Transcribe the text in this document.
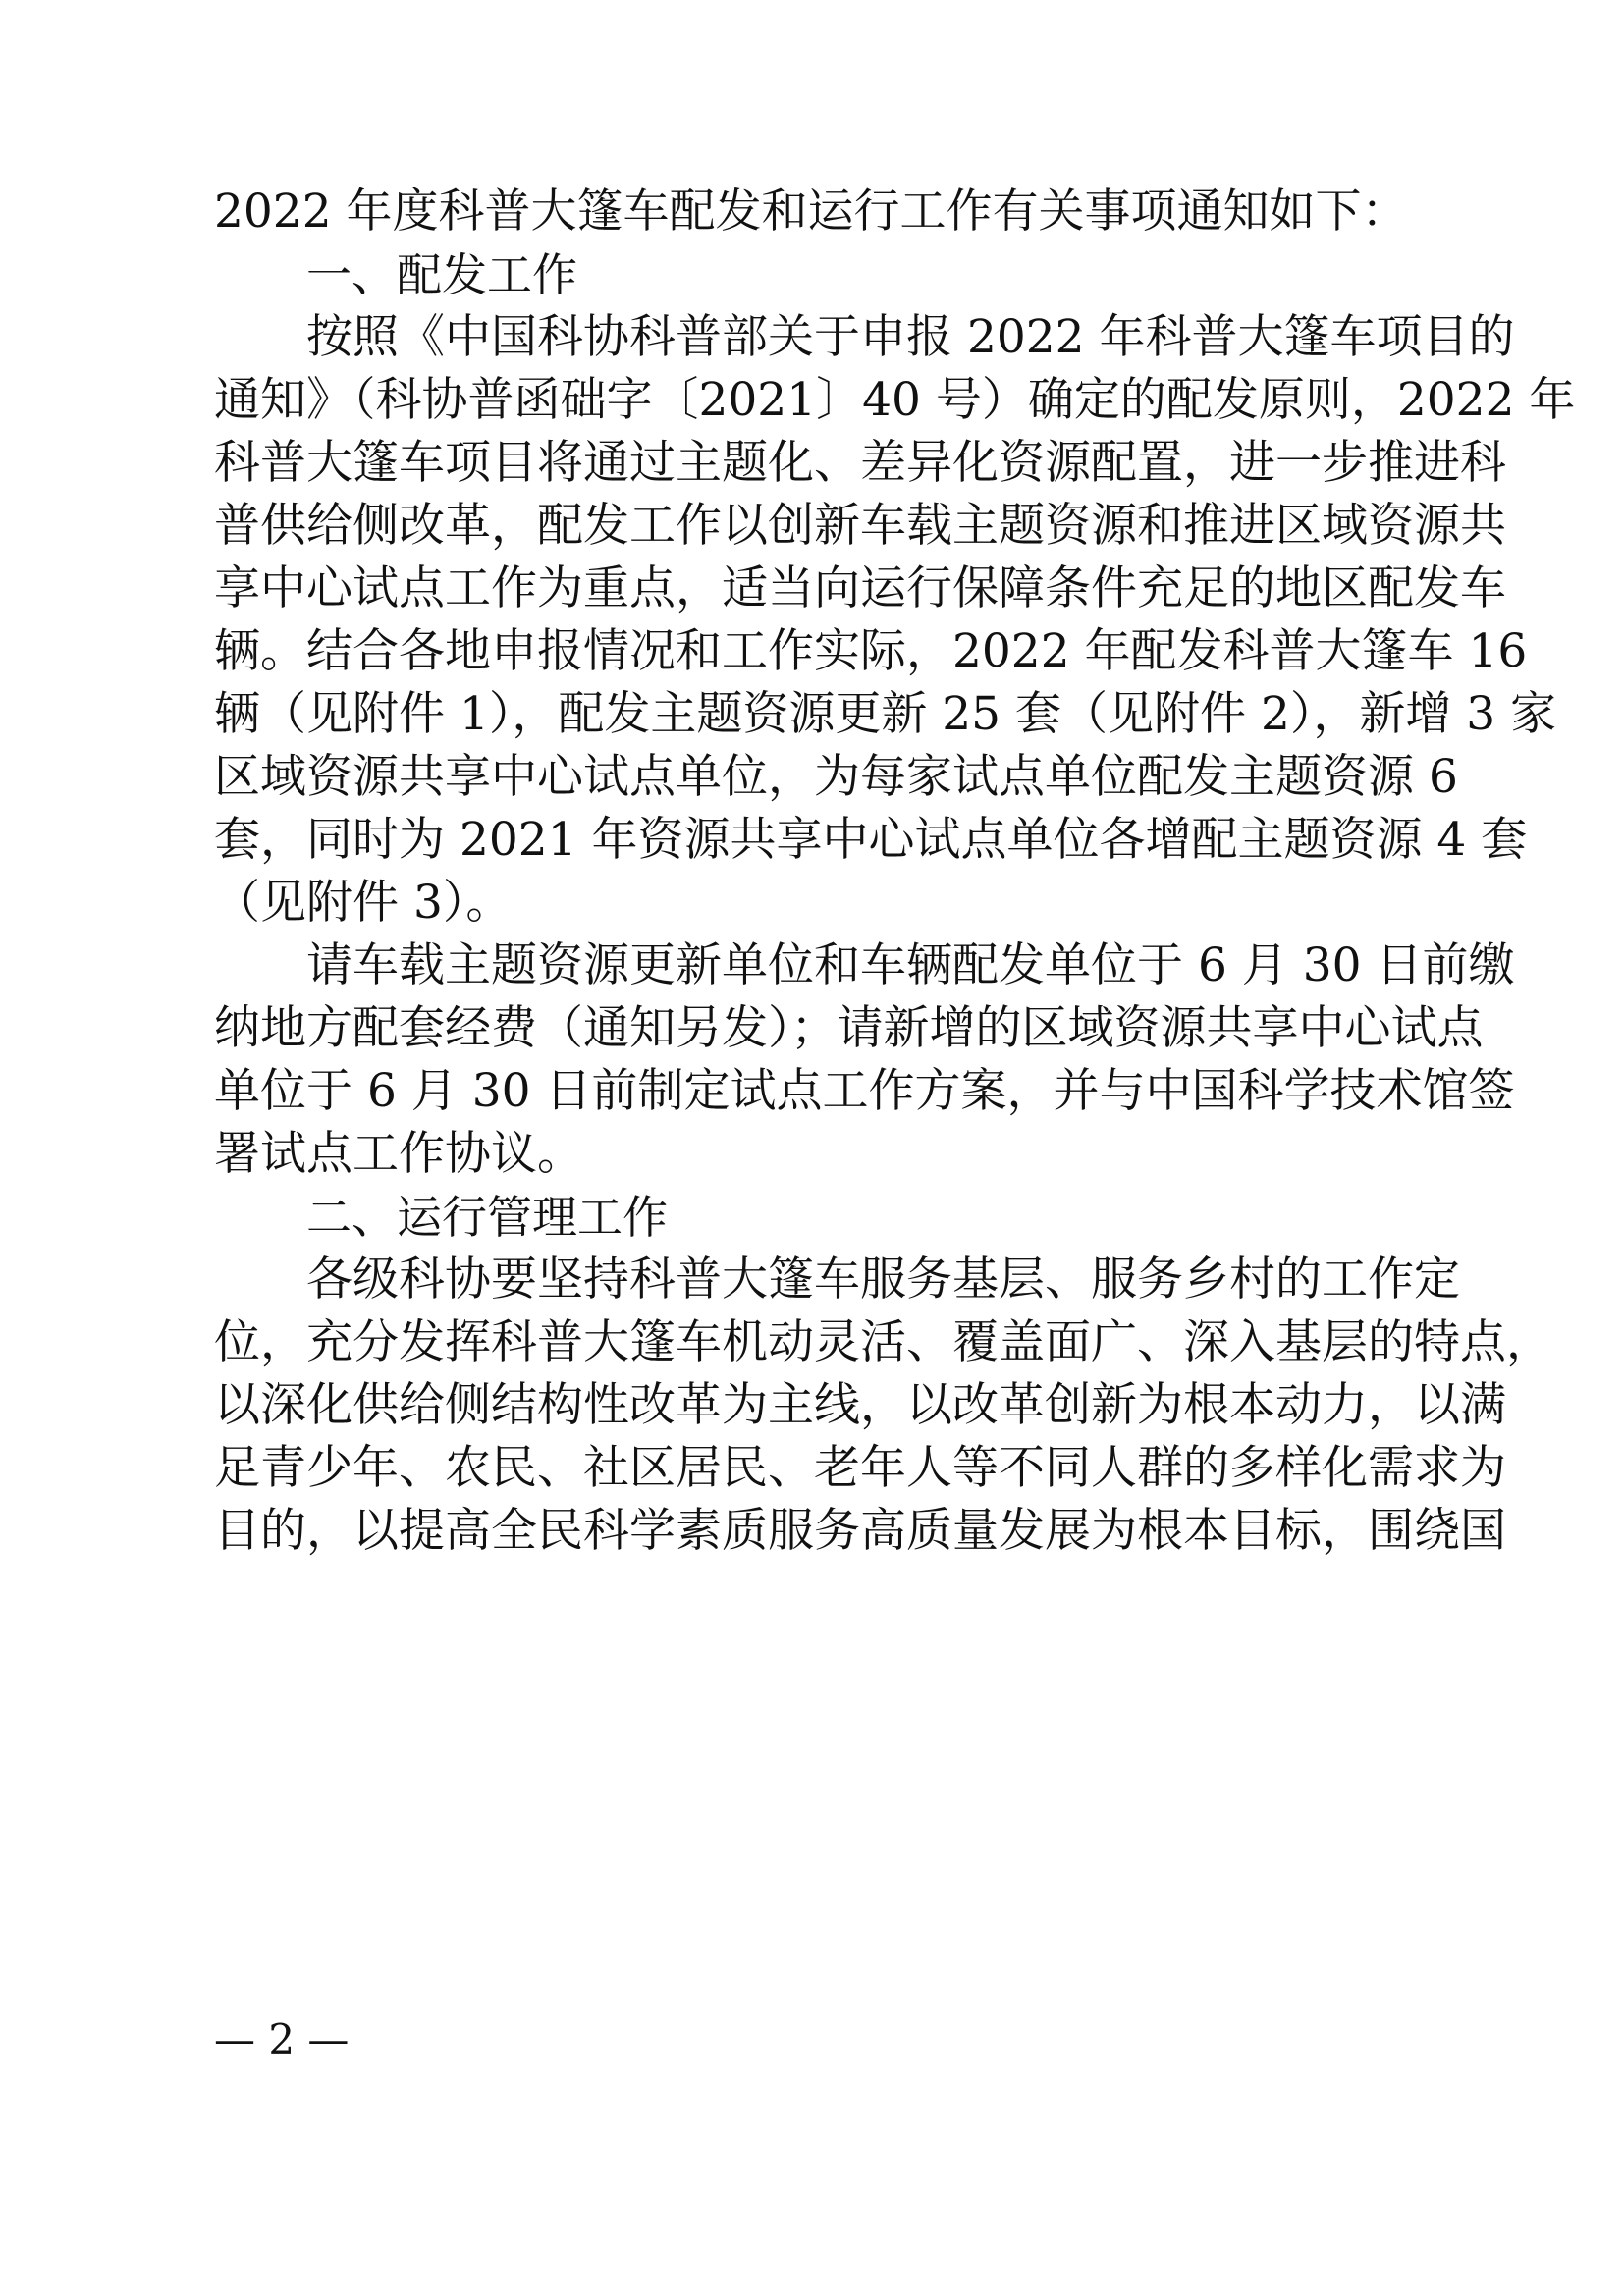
2022 年度科普大篷车配发和运行工作有关事项通知如下：
一、配发工作
按照《中国科协科普部关于申报 2022 年科普大篷车项目的
通知》（科协普函础字〔2021〕40 号）确定的配发原则，2022 年
科普大篷车项目将通过主题化、差异化资源配置，进一步推进科
普供给侧改革，配发工作以创新车载主题资源和推进区域资源共
享中心试点工作为重点，适当向运行保障条件充足的地区配发车
辆。结合各地申报情况和工作实际，2022 年配发科普大篷车 16
辆（见附件 1），配发主题资源更新 25 套（见附件 2），新增 3 家
区域资源共享中心试点单位，为每家试点单位配发主题资源 6
套，同时为 2021 年资源共享中心试点单位各增配主题资源 4 套
（见附件 3）。
请车载主题资源更新单位和车辆配发单位于 6 月 30 日前缴
纳地方配套经费（通知另发）；请新增的区域资源共享中心试点
单位于 6 月 30 日前制定试点工作方案，并与中国科学技术馆签
署试点工作协议。
二、运行管理工作
各级科协要坚持科普大篷车服务基层、服务乡村的工作定
位，充分发挥科普大篷车机动灵活、覆盖面广、深入基层的特点，
以深化供给侧结构性改革为主线，以改革创新为根本动力，以满
足青少年、农民、社区居民、老年人等不同人群的多样化需求为
目的，以提高全民科学素质服务高质量发展为根本目标，围绕国
— 2 —
